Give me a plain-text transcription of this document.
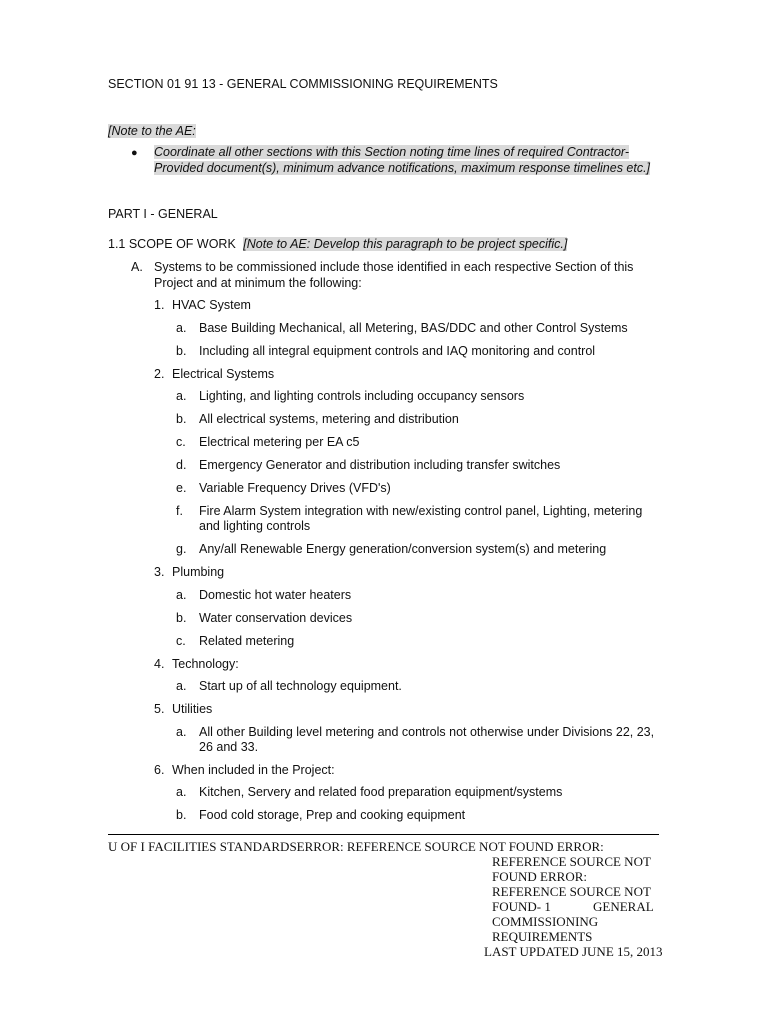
SECTION 01 91 13 - GENERAL COMMISSIONING REQUIREMENTS
[Note to the AE:
● Coordinate all other sections with this Section noting time lines of required Contractor-
Provided document(s), minimum advance notifications, maximum response timelines etc.]
PART I - GENERAL
1.1 SCOPE OF WORK [Note to AE: Develop this paragraph to be project specific.]
A. Systems to be commissioned include those identified in each respective Section of this
Project and at minimum the following:
1. HVAC System
a. Base Building Mechanical, all Metering, BAS/DDC and other Control Systems
b. Including all integral equipment controls and IAQ monitoring and control
2. Electrical Systems
a. Lighting, and lighting controls including occupancy sensors
b. All electrical systems, metering and distribution
c. Electrical metering per EA c5
d. Emergency Generator and distribution including transfer switches
e. Variable Frequency Drives (VFD's)
f. Fire Alarm System integration with new/existing control panel, Lighting, metering
and lighting controls
g. Any/all Renewable Energy generation/conversion system(s) and metering
3. Plumbing
a. Domestic hot water heaters
b. Water conservation devices
c. Related metering
4. Technology:
a. Start up of all technology equipment.
5. Utilities
a. All other Building level metering and controls not otherwise under Divisions 22, 23,
26 and 33.
6. When included in the Project:
a. Kitchen, Servery and related food preparation equipment/systems
b. Food cold storage, Prep and cooking equipment
U OF I FACILITIES STANDARDSERROR: REFERENCE SOURCE NOT FOUND ERROR:
REFERENCE SOURCE NOT
FOUND ERROR:
REFERENCE SOURCE NOT
FOUND- 1	GENERAL
COMMISSIONING
REQUIREMENTS
LAST UPDATED JUNE 15, 2013
